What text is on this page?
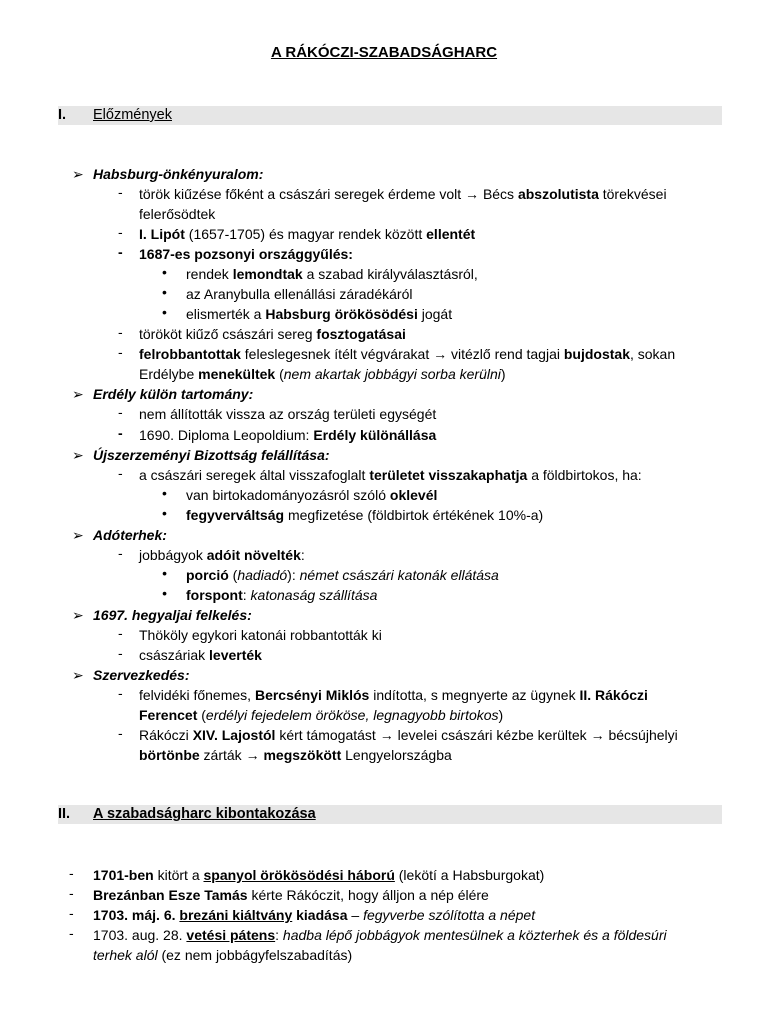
A RÁKÓCZI-SZABADSÁGHARC
I. Előzmények
➢ Habsburg-önkényuralom:
- török kiűzése főként a császári seregek érdeme volt → Bécs abszolutista törekvései
felerősödtek
- I. Lipót (1657-1705) és magyar rendek között ellentét
- 1687-es pozsonyi országgyűlés:
• rendek lemondtak a szabad királyválasztásról,
• az Aranybulla ellenállási záradékáról
• elismerték a Habsburg örökösödési jogát
- törököt kiűző császári sereg fosztogatásai
- felrobbantottak feleslegesnek ítélt végvárakat → vitézlő rend tagjai bujdostak, sokan
Erdélybe menekültek (nem akartak jobbágyi sorba kerülni)
➢ Erdély külön tartomány:
- nem állították vissza az ország területi egységét
- 1690. Diploma Leopoldium: Erdély különállása
➢ Újszerzeményi Bizottság felállítása:
- a császári seregek által visszafoglalt területet visszakaphatja a földbirtokos, ha:
• van birtokadományozásról szóló oklevél
• fegyverváltság megfizetése (földbirtok értékének 10%-a)
➢ Adóterhek:
- jobbágyok adóit növelték:
• porció (hadiadó): német császári katonák ellátása
• forspont: katonaság szállítása
➢ 1697. hegyaljai felkelés:
- Thököly egykori katonái robbantották ki
- császáriak leverték
➢ Szervezkedés:
- felvidéki főnemes, Bercsényi Miklós indította, s megnyerte az ügynek II. Rákóczi
Ferencet (erdélyi fejedelem örököse, legnagyobb birtokos)
- Rákóczi XIV. Lajostól kért támogatást → levelei császári kézbe kerültek → bécsújhelyi
börtönbe zárták → megszökött Lengyelországba
II. A szabadságharc kibontakozása
- 1701-ben kitört a spanyol örökösödési háború (lekötí a Habsburgokat)
- Brezánban Esze Tamás kérte Rákóczit, hogy álljon a nép élére
- 1703. máj. 6. brezáni kiáltvány kiadása – fegyverbe szólította a népet
- 1703. aug. 28. vetési pátens: hadba lépő jobbágyok mentesülnek a közterhek és a földesúri
terhek alól (ez nem jobbágyfelszabadítás)
